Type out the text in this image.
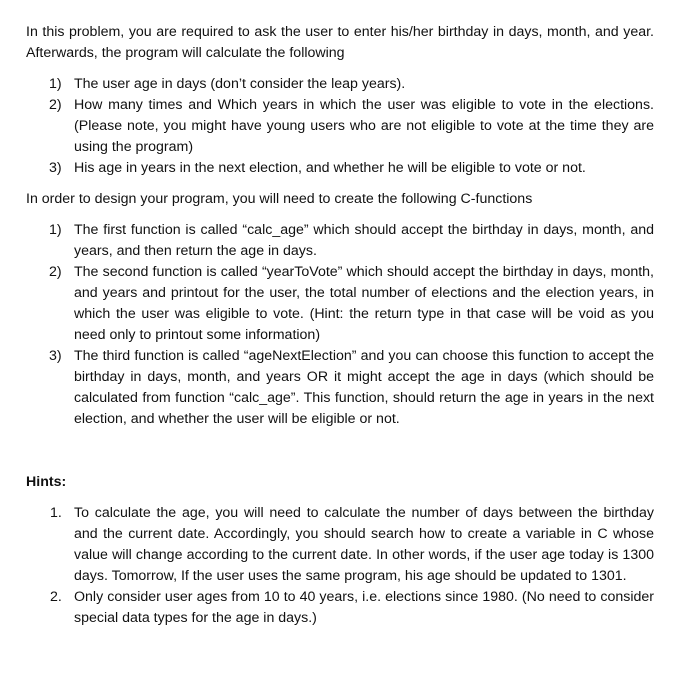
In this problem, you are required to ask the user to enter his/her birthday in days, month, and year. Afterwards, the program will calculate the following

1) The user age in days (don’t consider the leap years).
2) How many times and Which years in which the user was eligible to vote in the elections. (Please note, you might have young users who are not eligible to vote at the time they are using the program)
3) His age in years in the next election, and whether he will be eligible to vote or not.

In order to design your program, you will need to create the following C-functions

1) The first function is called “calc_age” which should accept the birthday in days, month, and years, and then return the age in days.
2) The second function is called “yearToVote” which should accept the birthday in days, month, and years and printout for the user, the total number of elections and the election years, in which the user was eligible to vote. (Hint: the return type in that case will be void as you need only to printout some information)
3) The third function is called “ageNextElection” and you can choose this function to accept the birthday in days, month, and years OR it might accept the age in days (which should be calculated from function “calc_age”. This function, should return the age in years in the next election, and whether the user will be eligible or not.

Hints:

1. To calculate the age, you will need to calculate the number of days between the birthday and the current date. Accordingly, you should search how to create a variable in C whose value will change according to the current date. In other words, if the user age today is 1300 days. Tomorrow, If the user uses the same program, his age should be updated to 1301.
2. Only consider user ages from 10 to 40 years, i.e. elections since 1980. (No need to consider special data types for the age in days.)
